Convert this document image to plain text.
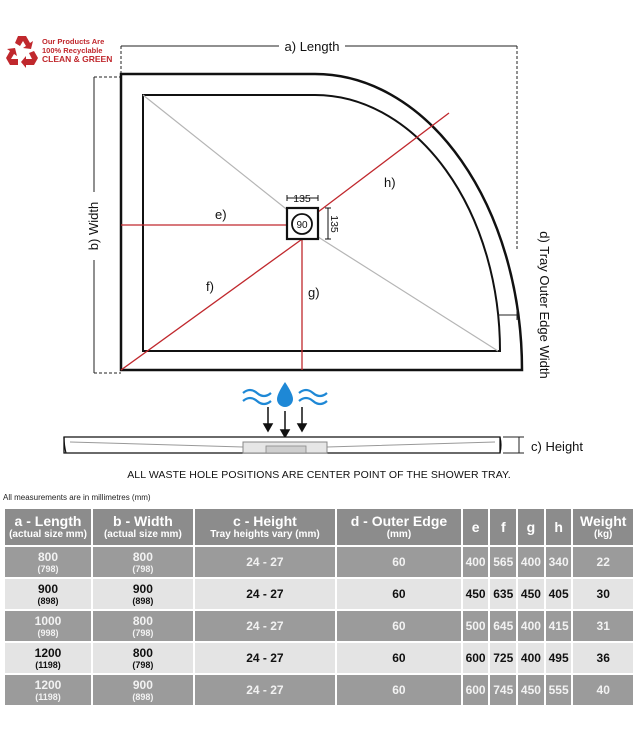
Our Products Are
100% Recyclable
CLEAN & GREEN
a) Length
b) Width
d) Tray Outer Edge Width
135
135
90
e)
f)	g)
h)
c) Height
ALL WASTE HOLE POSITIONS ARE CENTER POINT OF THE SHOWER TRAY.
All measurements are in millimetres (mm)
a - Length
(actual size mm)	b - Width
(actual size mm)	c - Height
Tray heights vary (mm)	d - Outer Edge
(mm)	e	f	g	h	Weight
(kg)

800
(798)	800
(798)	24 - 27	60	400	565	400	340	22

900
(898)	900
(898)	24 - 27	60	450	635	450	405	30

1000
(998)	800
(798)	24 - 27	60	500	645	400	415	31

1200
(1198)	800
(798)	24 - 27	60	600	725	400	495	36

1200
(1198)	900
(898)	24 - 27	60	600	745	450	555	40
